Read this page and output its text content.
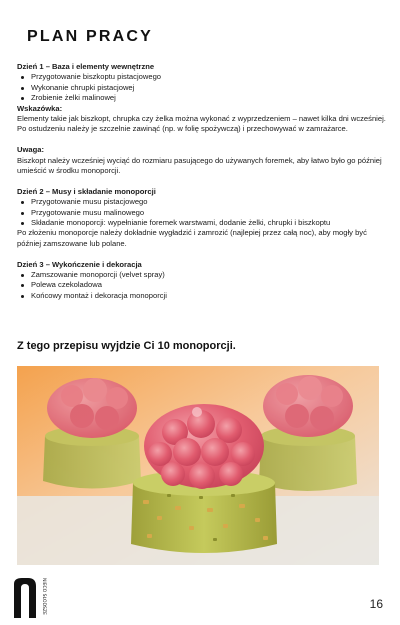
PLAN PRACY

Dzień 1 – Baza i elementy wewnętrzne

Przygotowanie biszkoptu pistacjowego
Wykonanie chrupki pistacjowej
Zrobienie żelki malinowej

Wskazówka:

Elementy takie jak biszkopt, chrupka czy żelka można wykonać z wyprzedzeniem – nawet kilka dni wcześniej. Po ostudzeniu należy je szczelnie zawinąć (np. w folię spożywczą) i przechowywać w zamrażarce.

Uwaga:

Biszkopt należy wcześniej wyciąć do rozmiaru pasującego do używanych foremek, aby łatwo było go później umieścić w środku monoporcji.

Dzień 2 – Musy i składanie monoporcji

Przygotowanie musu pistacjowego
Przygotowanie musu malinowego
Składanie monoporcji: wypełnianie foremek warstwami, dodanie żelki, chrupki i biszkoptu

Po złożeniu monoporcje należy dokładnie wygładzić i zamrozić (najlepiej przez całą noc), aby mogły być później zamszowane lub polane.

Dzień 3 – Wykończenie i dekoracja

Zamszowanie monoporcji (velvet spray)
Polewa czekoladowa
Końcowy montaż i dekoracja monoporcji
Z tego przepisu wyjdzie Ci 10 monoporcji.
NIECO SŁODSZE	16
